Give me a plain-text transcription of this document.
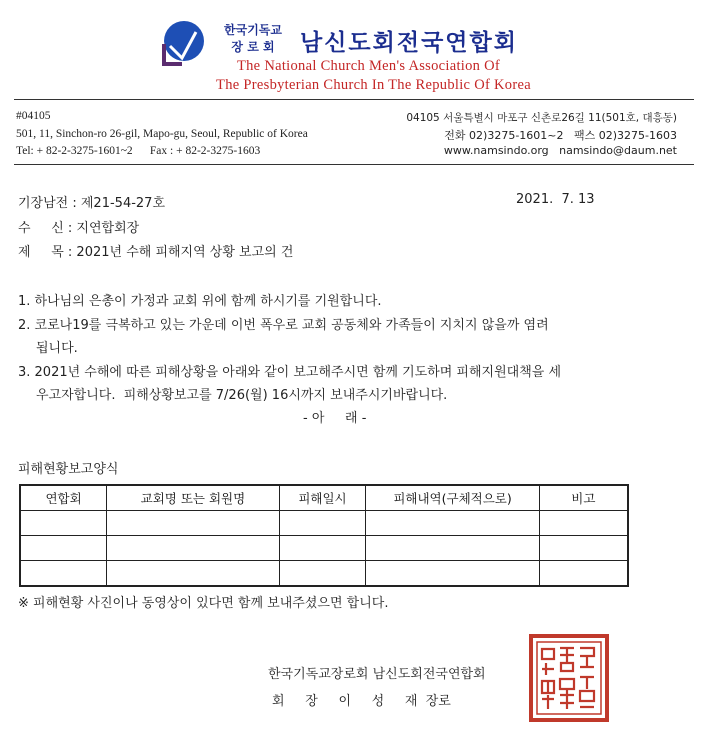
한국기독교
장 로 회	남신도회전국연합회
The National Church Men's Association Of
The Presbyterian Church In The Republic Of Korea
#04105
501, 11, Sinchon-ro 26-gil, Mapo-gu, Seoul, Republic of Korea
Tel: + 82-2-3275-1601~2      Fax : + 82-2-3275-1603
04105 서울특별시 마포구 신촌로26길 11(501호, 대흥동)
전화 02)3275-1601~2   팩스 02)3275-1603
www.namsindo.org   namsindo@daum.net
기장남전 : 제21-54-27호	2021.  7. 13
수     신 : 지연합회장
제     목 : 2021년 수해 피해지역 상황 보고의 건
1. 하나님의 은총이 가정과 교회 위에 함께 하시기를 기원합니다.
2. 코로나19를 극복하고 있는 가운데 이번 폭우로 교회 공동체와 가족들이 지치지 않을까 염려
됩니다.
3. 2021년 수해에 따른 피해상황을 아래와 같이 보고해주시면 함께 기도하며 피해지원대책을 세
우고자합니다.  피해상황보고를 7/26(월) 16시까지 보내주시기바랍니다.
- 아     래 -
피해현황보고양식
연합회	교회명 또는 회원명	피해일시	피해내역(구체적으로)	비고

※ 피해현황 사진이나 동영상이 있다면 함께 보내주셨으면 합니다.
한국기독교장로회 남신도회전국연합회
회     장     이     성     재  장로
